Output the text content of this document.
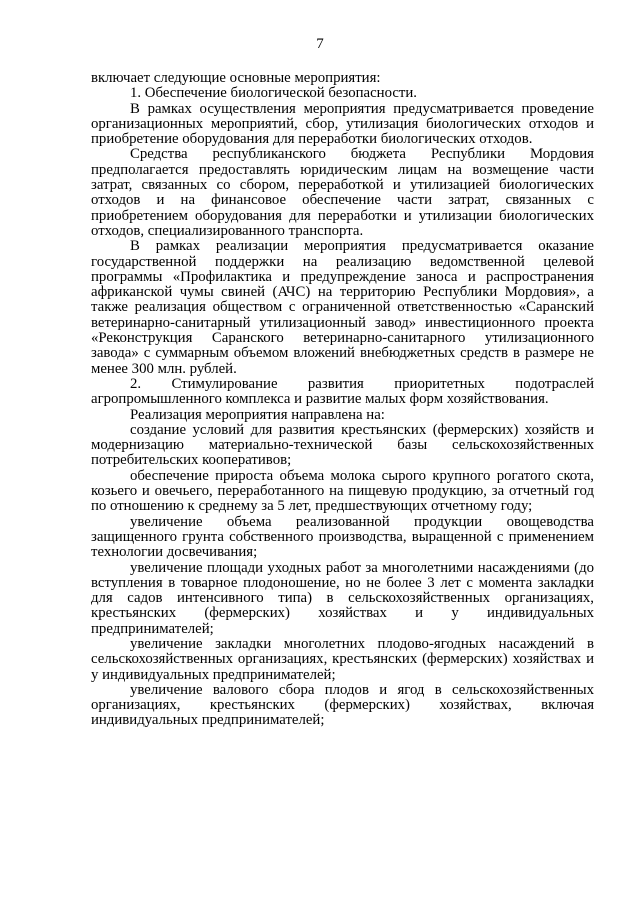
7

включает следующие основные мероприятия:

1. Обеспечение биологической безопасности.

В рамках осуществления мероприятия предусматривается проведение организационных мероприятий, сбор, утилизация биологических отходов и приобретение оборудования для переработки биологических отходов.

Средства республиканского бюджета Республики Мордовия предполагается предоставлять юридическим лицам на возмещение части затрат, связанных со сбором, переработкой и утилизацией биологических отходов и на финансовое обеспечение части затрат, связанных с приобретением оборудования для переработки и утилизации биологических отходов, специализированного транспорта.

В рамках реализации мероприятия предусматривается оказание государственной поддержки на реализацию ведомственной целевой программы «Профилактика и предупреждение заноса и распространения африканской чумы свиней (АЧС) на территорию Республики Мордовия», а также реализация обществом с ограниченной ответственностью «Саранский ветеринарно-санитарный утилизационный завод» инвестиционного проекта «Реконструкция Саранского ветеринарно-санитарного утилизационного завода» с суммарным объемом вложений внебюджетных средств в размере не менее 300 млн. рублей.

2. Стимулирование развития приоритетных подотраслей агропромышленного комплекса и развитие малых форм хозяйствования.

Реализация мероприятия направлена на:

создание условий для развития крестьянских (фермерских) хозяйств и модернизацию материально-технической базы сельскохозяйственных потребительских кооперативов;

обеспечение прироста объема молока сырого крупного рогатого скота, козьего и овечьего, переработанного на пищевую продукцию, за отчетный год по отношению к среднему за 5 лет, предшествующих отчетному году;

увеличение объема реализованной продукции овощеводства защищенного грунта собственного производства, выращенной с применением технологии досвечивания;

увеличение площади уходных работ за многолетними насаждениями (до вступления в товарное плодоношение, но не более 3 лет с момента закладки для садов интенсивного типа) в сельскохозяйственных организациях, крестьянских (фермерских) хозяйствах и у индивидуальных предпринимателей;

увеличение закладки многолетних плодово-ягодных насаждений в сельскохозяйственных организациях, крестьянских (фермерских) хозяйствах и у индивидуальных предпринимателей;

увеличение валового сбора плодов и ягод в сельскохозяйственных организациях, крестьянских (фермерских) хозяйствах, включая индивидуальных предпринимателей;
